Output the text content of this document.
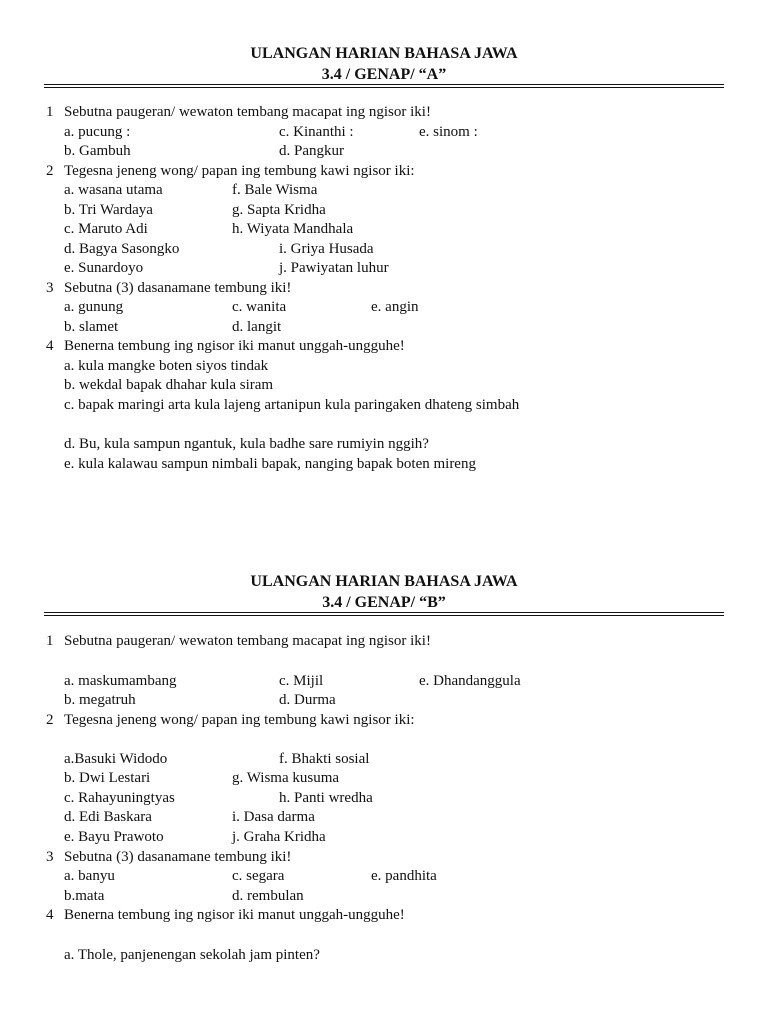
ULANGAN HARIAN BAHASA JAWA
3.4 / GENAP/ “A”
1 Sebutna paugeran/ wewaton tembang macapat ing ngisor iki!
a. pucung :	c. Kinanthi :	e. sinom :
b. Gambuh	d. Pangkur
2 Tegesna jeneng wong/ papan ing tembung kawi ngisor iki:
a. wasana utama	f. Bale Wisma
b. Tri Wardaya	g. Sapta Kridha
c. Maruto Adi	h. Wiyata Mandhala
d. Bagya Sasongko	i. Griya Husada
e. Sunardoyo	j. Pawiyatan luhur
3 Sebutna (3) dasanamane tembung iki!
a. gunung	c. wanita	e. angin
b. slamet	d. langit
4 Benerna tembung ing ngisor iki manut unggah-ungguhe!
a. kula mangke boten siyos tindak
b. wekdal bapak dhahar kula siram
c. bapak maringi arta kula lajeng artanipun kula paringaken dhateng simbah
d. Bu, kula sampun ngantuk, kula badhe sare rumiyin nggih?
e. kula kalawau sampun nimbali bapak, nanging bapak boten mireng
ULANGAN HARIAN BAHASA JAWA
3.4 / GENAP/ “B”
1 Sebutna paugeran/ wewaton tembang macapat ing ngisor iki!
a. maskumambang	c. Mijil	e. Dhandanggula
b. megatruh	d. Durma
2 Tegesna jeneng wong/ papan ing tembung kawi ngisor iki:
a.Basuki Widodo	f. Bhakti sosial
b. Dwi Lestari	g. Wisma kusuma
c. Rahayuningtyas	h. Panti wredha
d. Edi Baskara	i. Dasa darma
e. Bayu Prawoto	j. Graha Kridha
3 Sebutna (3) dasanamane tembung iki!
a. banyu	c. segara	e. pandhita
b.mata	d. rembulan
4 Benerna tembung ing ngisor iki manut unggah-ungguhe!
a. Thole, panjenengan sekolah jam pinten?
